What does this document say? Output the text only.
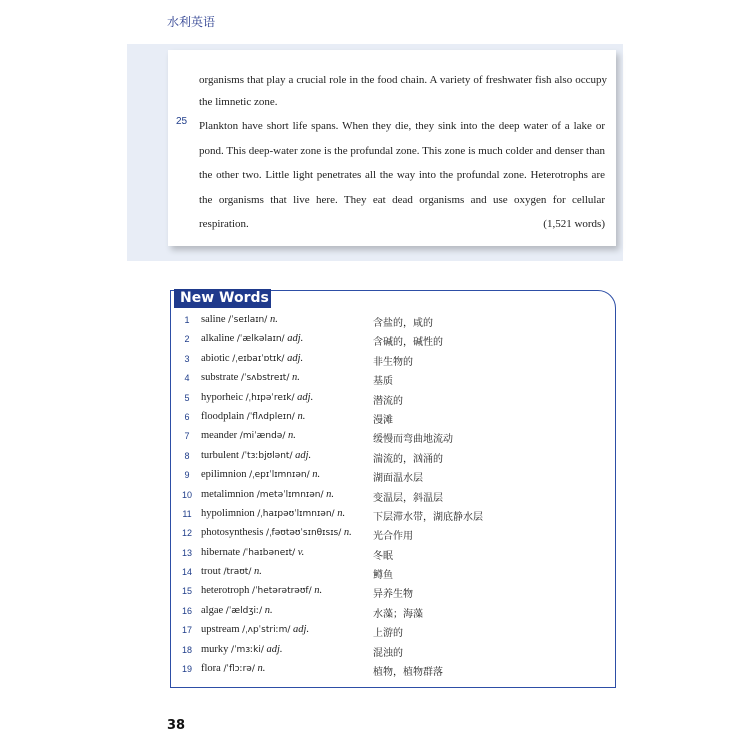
水利英语

organisms that play a crucial role in the food chain. A variety of freshwater fish also occupy the limnetic zone.

25 Plankton have short life spans. When they die, they sink into the deep water of a lake or pond. This deep-water zone is the profundal zone. This zone is much colder and denser than the other two. Little light penetrates all the way into the profundal zone. Heterotrophs are the organisms that live here. They eat dead organisms and use oxygen for cellular respiration.	(1,521 words)
New Words
1	saline /ˈseɪlaɪn/ n.	含盐的，咸的
2	alkaline /ˈælkəlaɪn/ adj.	含碱的，碱性的
3	abiotic /ˌeɪbaɪˈɒtɪk/ adj.	非生物的
4	substrate /ˈsʌbstreɪt/ n.	基质
5	hyporheic /ˌhɪpəˈreɪk/ adj.	潜流的
6	floodplain /ˈflʌdpleɪn/ n.	漫滩
7	meander /miˈændə/ n.	缓慢而弯曲地流动
8	turbulent /ˈtɜːbjʊlənt/ adj.	湍流的，汹涌的
9	epilimnion /ˌepɪˈlɪmnɪən/ n.	湖面温水层
10 metalimnion /metəˈlɪmnɪən/ n.	变温层，斜温层
11 hypolimnion /ˌhaɪpəʊˈlɪmnɪən/ n.	下层滞水带，湖底静水层
12 photosynthesis /ˌfəʊtəʊˈsɪnθɪsɪs/ n. 光合作用
13 hibernate /ˈhaɪbəneɪt/ v.	冬眠
14 trout /traʊt/ n.	鳟鱼
15 heterotroph /ˈhetərətrəʊf/ n.	异养生物
16 algae /ˈældʒiː/ n.	水藻；海藻
17 upstream /ˌʌpˈstriːm/ adj.	上游的
18 murky /ˈmɜːki/ adj.	混浊的
19 flora /ˈflɔːrə/ n.	植物，植物群落
38
